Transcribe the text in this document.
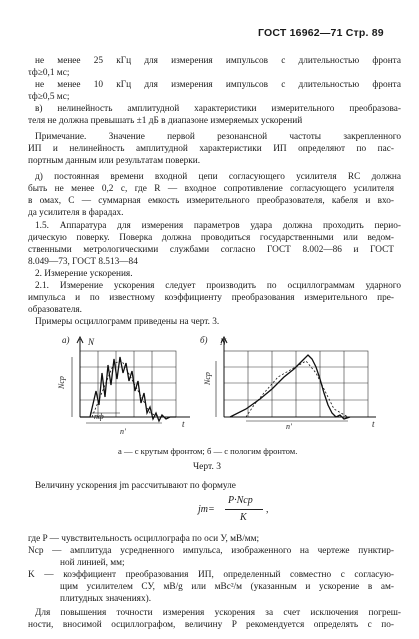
ГОСТ 16962—71 Стр. 89
не менее 25 кГц для измерения импульсов с длительностью фронта
τф≥0,1 мс;
не менее 10 кГц для измерения импульсов с длительностью фронта
τф≥0,5 мс;
в) нелинейность амплитудной характеристики измерительного преобразова-
теля не должна превышать ±1 дБ в диапазоне измеряемых ускорений
Примечание. Значение первой резонансной частоты закрепленного
ИП и нелинейность амплитудной характеристики ИП определяют по пас-
портным данным или результатам поверки.
д) постоянная времени входной цепи согласующего усилителя RC должна
быть не менее 0,2 с, где R — входное сопротивление согласующего усилителя
в омах, С — суммарная емкость измерительного преобразователя, кабеля и вхо-
да усилителя в фарадах.
1.5. Аппаратура для измерения параметров удара должна проходить перио-
дическую поверку. Поверка должна проводиться государственными или ведом-
ственными метрологическими службами согласно ГОСТ 8.002—86 и ГОСТ
8.049—73, ГОСТ 8.513—84
2. Измерение ускорения.
2.1. Измерение ускорения следует производить по осциллограммам ударного
импульса и по известному коэффициенту преобразования измерительного пре-
образователя.
Примеры осциллограмм приведены на черт. 3.
а) N
t
Nср
nф
n'
б) N
t
Nср
n'
а — с крутым фронтом; б — с пологим фронтом.
Черт. 3
Величину ускорения jm рассчитывают по формуле
jm=
P·Nср
K
,
где P — чувствительность осциллографа по оси У, мВ/мм;
Nср — амплитуда усредненного импульса, изображенного на чертеже пунктир-
ной линией, мм;
K — коэффициент преобразования ИП, определенный совместно с согласую-
щим усилителем СУ, мВ/g или мВс²/м (указанным и ускорение в ам-
плитудных значениях).
Для повышения точности измерения ускорения за счет исключения погреш-
ности, вносимой осциллографом, величину P рекомендуется определять с по-
